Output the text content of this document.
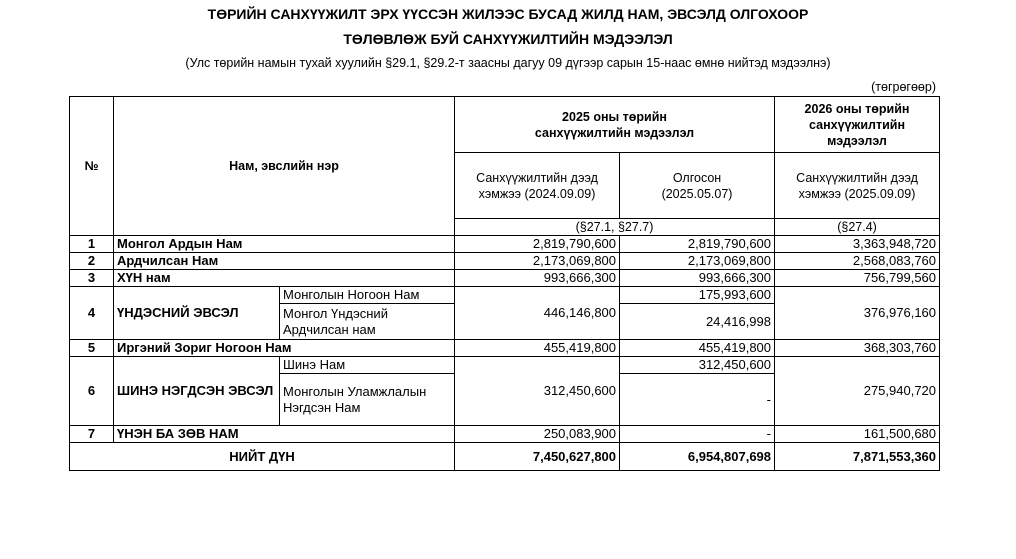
ТӨРИЙН САНХҮҮЖИЛТ ЭРХ ҮҮССЭН ЖИЛЭЭС БУСАД ЖИЛД НАМ, ЭВСЭЛД ОЛГОХООР
ТӨЛӨВЛӨЖ БУЙ САНХҮҮЖИЛТИЙН МЭДЭЭЛЭЛ
(Улс төрийн намын тухай хуулийн §29.1, §29.2-т заасны дагуу 09 дүгээр сарын 15-наас өмнө нийтэд мэдээлнэ)
(төгрөгөөр)
№	Нам, эвслийн нэр		2025 оны төрийн санхүүжилтийн мэдээлэл		2026 оны төрийн санхүүжилтийн мэдээлэл
			Санхүүжилтийн дээд хэмжээ (2024.09.09)	Олгосон (2025.05.07)	Санхүүжилтийн дээд хэмжээ (2025.09.09)
			(§27.1, §27.7)		(§27.4)
1	Монгол Ардын Нам		2,819,790,600	2,819,790,600	3,363,948,720
2	Ардчилсан Нам		2,173,069,800	2,173,069,800	2,568,083,760
3	ХҮН нам		993,666,300	993,666,300	756,799,560
4	ҮНДЭСНИЙ ЭВСЭЛ	Монголын Ногоон Нам	446,146,800	175,993,600	376,976,160
		Монгол Үндэсний Ардчилсан нам		24,416,998	
5	Иргэний Зориг Ногоон Нам		455,419,800	455,419,800	368,303,760
6	ШИНЭ НЭГДСЭН ЭВСЭЛ	Шинэ Нам	312,450,600	312,450,600	275,940,720
		Монголын Уламжлалын Нэгдсэн Нам		-	
7	ҮНЭН БА ЗӨВ НАМ		250,083,900	-	161,500,680
НИЙТ ДҮН			7,450,627,800	6,954,807,698	7,871,553,360
